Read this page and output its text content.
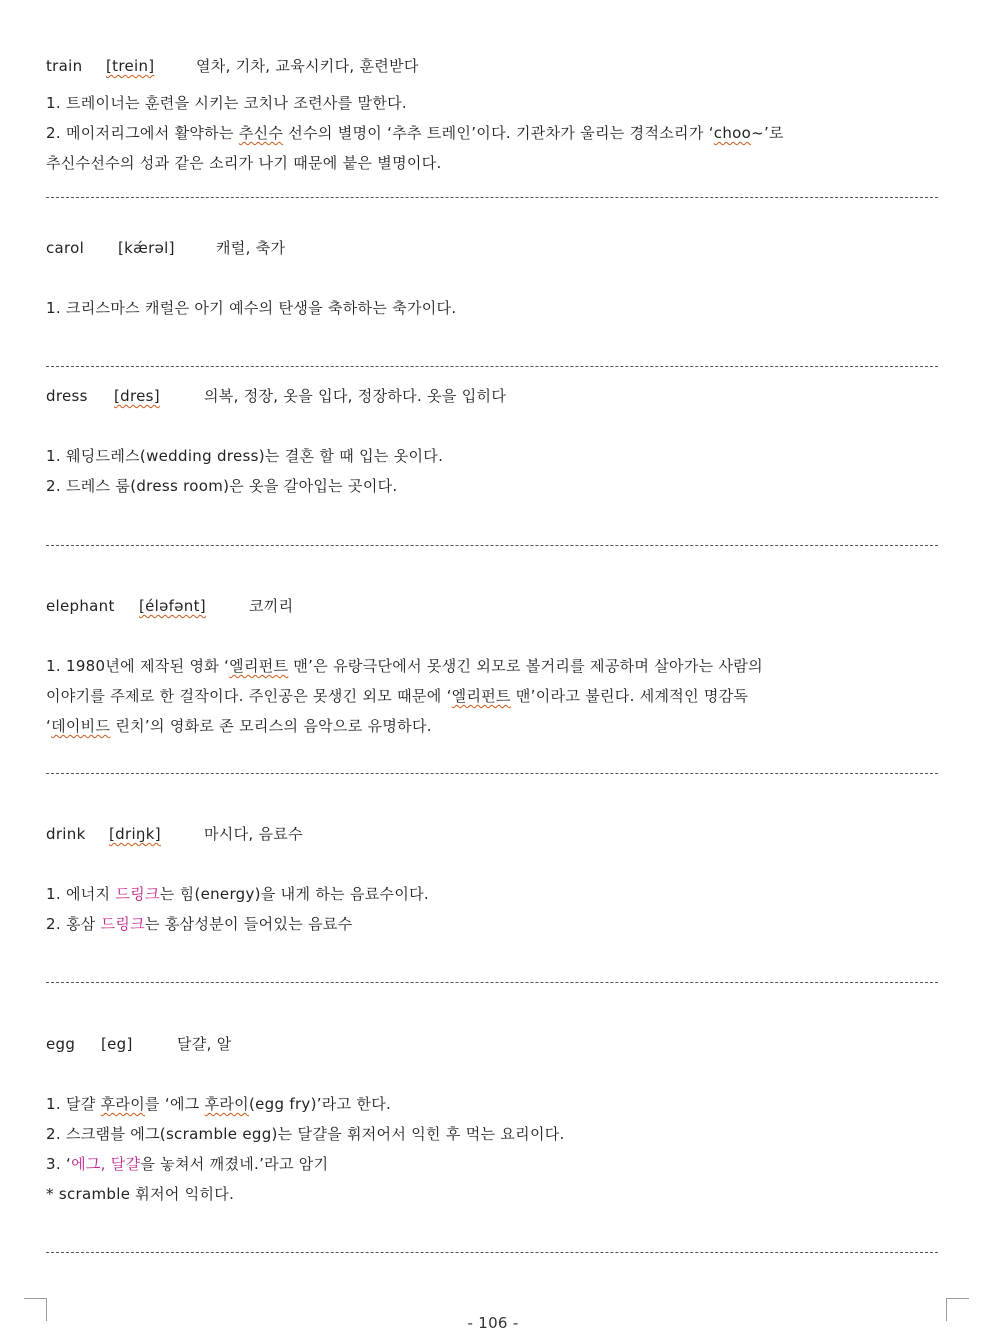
train [trein]	열차, 기차, 교육시키다, 훈련받다
1. 트레이너는 훈련을 시키는 코치나 조련사를 말한다.
2. 메이저리그에서 활약하는 추신수 선수의 별명이 ‘추추 트레인’이다. 기관차가 울리는 경적소리가 ‘choo~’로
추신수선수의 성과 같은 소리가 나기 때문에 붙은 별명이다.
carol [kǽrəl]	캐럴, 축가
1. 크리스마스 캐럴은 아기 예수의 탄생을 축하하는 축가이다.
dress [dres]	의복, 정장, 옷을 입다, 정장하다. 옷을 입히다
1. 웨딩드레스(wedding dress)는 결혼 할 때 입는 옷이다.
2. 드레스 룸(dress room)은 옷을 갈아입는 곳이다.
elephant [éləfənt]	코끼리
1. 1980년에 제작된 영화 ‘엘리펀트 맨’은 유랑극단에서 못생긴 외모로 볼거리를 제공하며 살아가는 사람의
이야기를 주제로 한 걸작이다. 주인공은 못생긴 외모 때문에 ‘엘리펀트 맨’이라고 불린다. 세계적인 명감독
‘데이비드 린치’의 영화로 존 모리스의 음악으로 유명하다.
drink [driŋk]	마시다, 음료수
1. 에너지 드링크는 힘(energy)을 내게 하는 음료수이다.
2. 홍삼 드링크는 홍삼성분이 들어있는 음료수
egg [eg]	달걀, 알
1. 달걀 후라이를 ‘에그 후라이(egg fry)’라고 한다.
2. 스크램블 에그(scramble egg)는 달걀을 휘저어서 익힌 후 먹는 요리이다.
3. ‘에그, 달걀을 놓쳐서 깨졌네.’라고 암기
* scramble 휘저어 익히다.
- 106 -
